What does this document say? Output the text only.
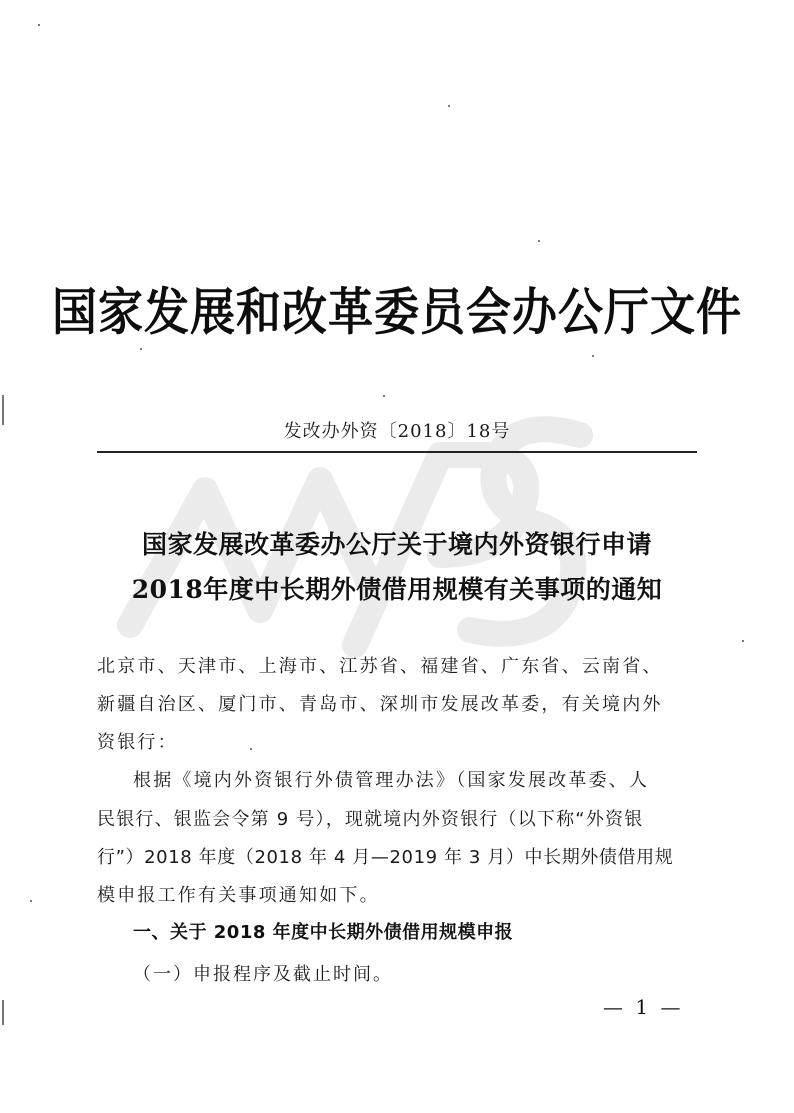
国家发展和改革委员会办公厅文件
发改办外资〔2018〕18号
国家发展改革委办公厅关于境内外资银行申请
2018年度中长期外债借用规模有关事项的通知
北京市、天津市、上海市、江苏省、福建省、广东省、云南省、
新疆自治区、厦门市、青岛市、深圳市发展改革委，有关境内外
资银行：
根据《境内外资银行外债管理办法》（国家发展改革委、人
民银行、银监会令第 9 号），现就境内外资银行（以下称“外资银
行”）2018 年度（2018 年 4 月—2019 年 3 月）中长期外债借用规
模申报工作有关事项通知如下。
一、关于 2018 年度中长期外债借用规模申报
（一）申报程序及截止时间。
— 1 —
